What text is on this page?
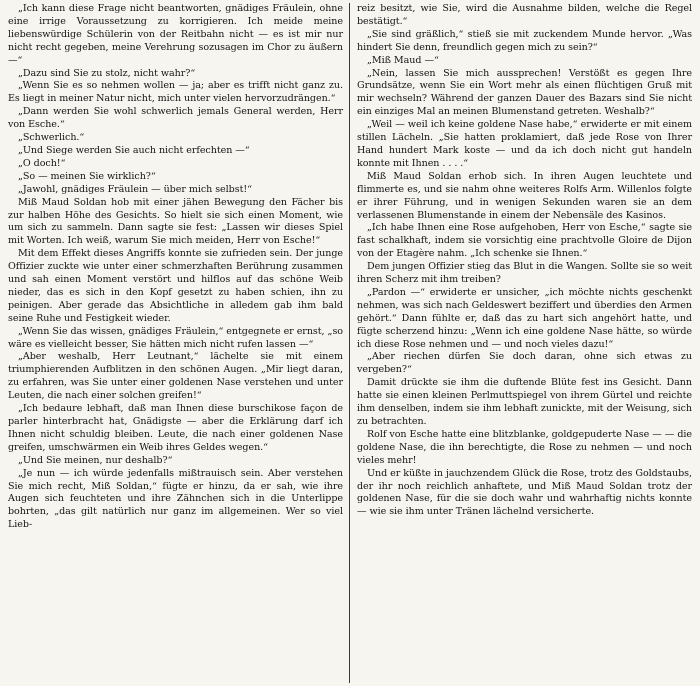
„Ich kann diese Frage nicht beantworten, gnädiges Fräulein, ohne eine irrige Voraussetzung zu korrigieren. Ich meide meine liebenswürdige Schülerin von der Reitbahn nicht — es ist mir nur nicht recht gegeben, meine Verehrung sozusagen im Chor zu äußern —“

„Dazu sind Sie zu stolz, nicht wahr?“

„Wenn Sie es so nehmen wollen — ja; aber es trifft nicht ganz zu. Es liegt in meiner Natur nicht, mich unter vielen hervorzudrängen.“

„Dann werden Sie wohl schwerlich jemals General werden, Herr von Esche.“

„Schwerlich.“

„Und Siege werden Sie auch nicht erfechten —“

„O doch!“

„So — meinen Sie wirklich?“

„Jawohl, gnädiges Fräulein — über mich selbst!“

Miß Maud Soldan hob mit einer jähen Bewegung den Fächer bis zur halben Höhe des Gesichts. So hielt sie sich einen Moment, wie um sich zu sammeln. Dann sagte sie fest: „Lassen wir dieses Spiel mit Worten. Ich weiß, warum Sie mich meiden, Herr von Esche!“

Mit dem Effekt dieses Angriffs konnte sie zufrieden sein. Der junge Offizier zuckte wie unter einer schmerzhaften Berührung zusammen und sah einen Moment verstört und hilflos auf das schöne Weib nieder, das es sich in den Kopf gesetzt zu haben schien, ihn zu peinigen. Aber gerade das Absichtliche in alledem gab ihm bald seine Ruhe und Festigkeit wieder.

„Wenn Sie das wissen, gnädiges Fräulein,“ entgegnete er ernst, „so wäre es vielleicht besser, Sie hätten mich nicht rufen lassen —“

„Aber weshalb, Herr Leutnant,“ lächelte sie mit einem triumphierenden Aufblitzen in den schönen Augen. „Mir liegt daran, zu erfahren, was Sie unter einer goldenen Nase verstehen und unter Leuten, die nach einer solchen greifen!“

„Ich bedaure lebhaft, daß man Ihnen diese burschikose façon de parler hinterbracht hat, Gnädigste — aber die Erklärung darf ich Ihnen nicht schuldig bleiben. Leute, die nach einer goldenen Nase greifen, umschwärmen ein Weib ihres Geldes wegen.“

„Und Sie meinen, nur deshalb?“

„Je nun — ich würde jedenfalls mißtrauisch sein. Aber verstehen Sie mich recht, Miß Soldan,“ fügte er hinzu, da er sah, wie ihre Augen sich feuchteten und ihre Zähnchen sich in die Unterlippe bohrten, „das gilt natürlich nur ganz im allgemeinen. Wer so viel Lieb-

reiz besitzt, wie Sie, wird die Ausnahme bilden, welche die Regel bestätigt.“

„Sie sind gräßlich,“ stieß sie mit zuckendem Munde hervor. „Was hindert Sie denn, freundlich gegen mich zu sein?“

„Miß Maud —“

„Nein, lassen Sie mich aussprechen! Verstößt es gegen Ihre Grundsätze, wenn Sie ein Wort mehr als einen flüchtigen Gruß mit mir wechseln? Während der ganzen Dauer des Bazars sind Sie nicht ein einziges Mal an meinen Blumenstand getreten. Weshalb?“

„Weil — weil ich keine goldene Nase habe,“ erwiderte er mit einem stillen Lächeln. „Sie hatten proklamiert, daß jede Rose von Ihrer Hand hundert Mark koste — und da ich doch nicht gut handeln konnte mit Ihnen . . . .“

Miß Maud Soldan erhob sich. In ihren Augen leuchtete und flimmerte es, und sie nahm ohne weiteres Rolfs Arm. Willenlos folgte er ihrer Führung, und in wenigen Sekunden waren sie an dem verlassenen Blumenstande in einem der Nebensäle des Kasinos.

„Ich habe Ihnen eine Rose aufgehoben, Herr von Esche,“ sagte sie fast schalkhaft, indem sie vorsichtig eine prachtvolle Gloire de Dijon von der Etagère nahm. „Ich schenke sie Ihnen.“

Dem jungen Offizier stieg das Blut in die Wangen. Sollte sie so weit ihren Scherz mit ihm treiben?

„Pardon —“ erwiderte er unsicher, „ich möchte nichts geschenkt nehmen, was sich nach Geldeswert beziffert und überdies den Armen gehört.“ Dann fühlte er, daß das zu hart sich angehört hatte, und fügte scherzend hinzu: „Wenn ich eine goldene Nase hätte, so würde ich diese Rose nehmen und — und noch vieles dazu!“

„Aber riechen dürfen Sie doch daran, ohne sich etwas zu vergeben?“

Damit drückte sie ihm die duftende Blüte fest ins Gesicht. Dann hatte sie einen kleinen Perlmuttspiegel von ihrem Gürtel und reichte ihm denselben, indem sie ihm lebhaft zunickte, mit der Weisung, sich zu betrachten.

Rolf von Esche hatte eine blitzblanke, goldgepuderte Nase — — die goldene Nase, die ihn berechtigte, die Rose zu nehmen — und noch vieles mehr!

Und er küßte in jauchzendem Glück die Rose, trotz des Goldstaubs, der ihr noch reichlich anhaftete, und Miß Maud Soldan trotz der goldenen Nase, für die sie doch wahr und wahrhaftig nichts konnte — wie sie ihm unter Tränen lächelnd versicherte.
